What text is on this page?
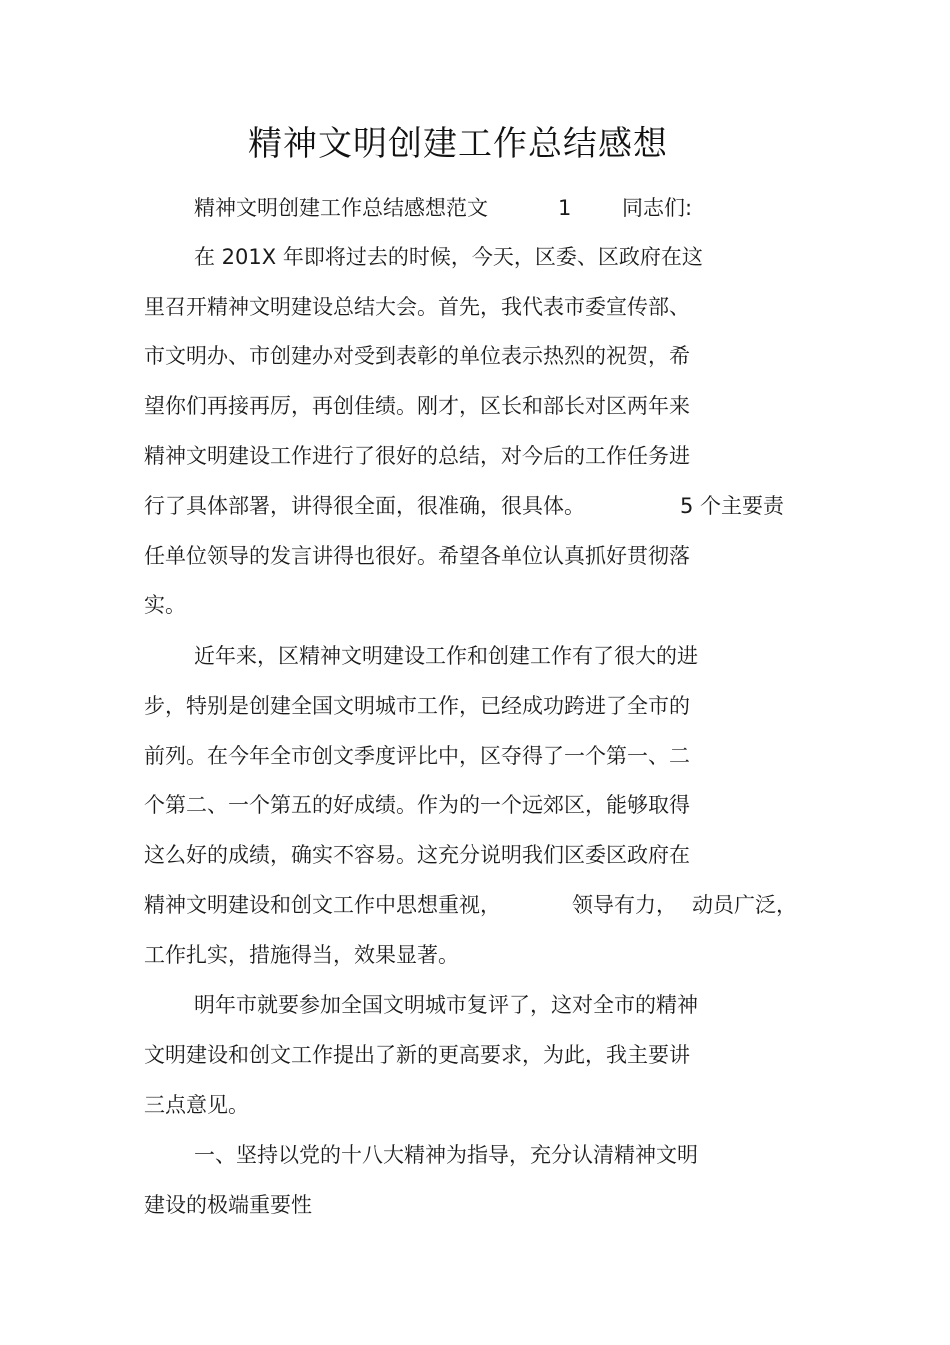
精神文明创建工作总结感想
精神文明创建工作总结感想范文	1 同志们:
在 201X 年即将过去的时候，今天，区委、区政府在这
里召开精神文明建设总结大会。首先，我代表市委宣传部、
市文明办、市创建办对受到表彰的单位表示热烈的祝贺，希
望你们再接再厉，再创佳绩。刚才，区长和部长对区两年来
精神文明建设工作进行了很好的总结，对今后的工作任务进
行了具体部署，讲得很全面，很准确，很具体。	5 个主要责
任单位领导的发言讲得也很好。希望各单位认真抓好贯彻落
实。
近年来，区精神文明建设工作和创建工作有了很大的进
步，特别是创建全国文明城市工作，已经成功跨进了全市的
前列。在今年全市创文季度评比中，区夺得了一个第一、二
个第二、一个第五的好成绩。作为的一个远郊区，能够取得
这么好的成绩，确实不容易。这充分说明我们区委区政府在
精神文明建设和创文工作中思想重视，	领导有力， 动员广泛，
工作扎实，措施得当，效果显著。
明年市就要参加全国文明城市复评了，这对全市的精神
文明建设和创文工作提出了新的更高要求，为此，我主要讲
三点意见。
一、坚持以党的十八大精神为指导，充分认清精神文明
建设的极端重要性
